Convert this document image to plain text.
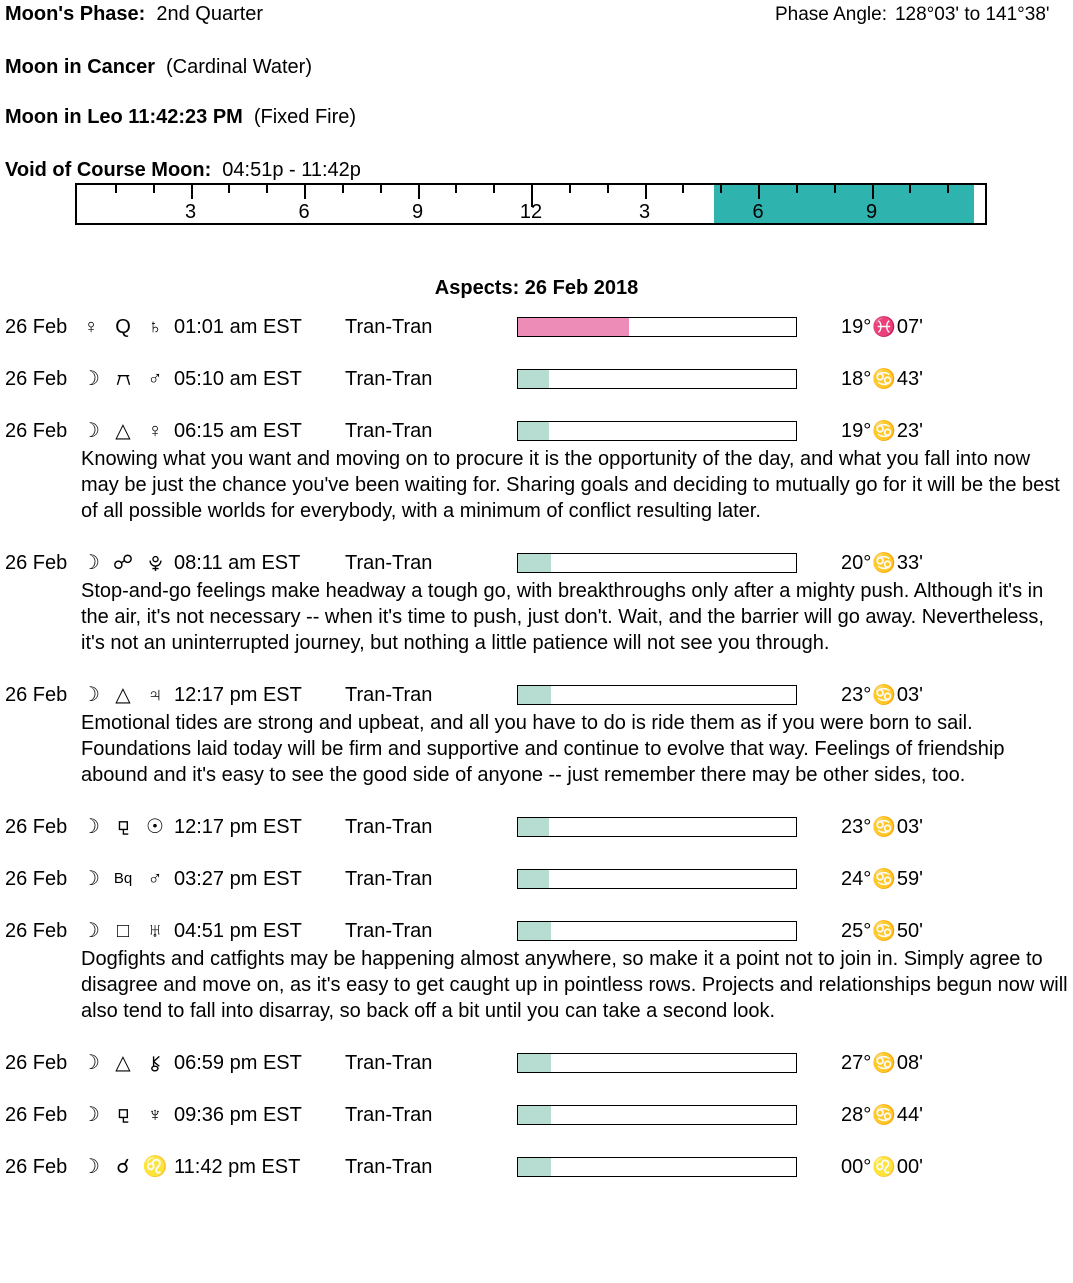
Moon's Phase: 2nd Quarter	Phase Angle: 128°03' to 141°38'
Moon in Cancer (Cardinal Water)
Moon in Leo 11:42:23 PM (Fixed Fire)
Void of Course Moon: 04:51p - 11:42p
3	6	9	12	3	6	9
Aspects: 26 Feb 2018
26 Feb ♀ Q ♄ 01:01 am EST Tran-Tran	19°♓07'
26 Feb ☽ ♂ 05:10 am EST Tran-Tran	18°♋43'
26 Feb ☽ △ ♀ 06:15 am EST Tran-Tran	19°♋23'
Knowing what you want and moving on to procure it is the opportunity of the day, and what you fall into now may be just the chance you've been waiting for. Sharing goals and deciding to mutually go for it will be the best of all possible worlds for everybody, with a minimum of conflict resulting later.
26 Feb ☽ ☍ 08:11 am EST Tran-Tran	20°♋33'
Stop-and-go feelings make headway a tough go, with breakthroughs only after a mighty push. Although it's in the air, it's not necessary -- when it's time to push, just don't. Wait, and the barrier will go away. Nevertheless, it's not an uninterrupted journey, but nothing a little patience will not see you through.
26 Feb ☽ △ ♃ 12:17 pm EST Tran-Tran	23°♋03'
Emotional tides are strong and upbeat, and all you have to do is ride them as if you were born to sail. Foundations laid today will be firm and supportive and continue to evolve that way. Feelings of friendship abound and it's easy to see the good side of anyone -- just remember there may be other sides, too.
26 Feb ☽ ☉ 12:17 pm EST Tran-Tran	23°♋03'
26 Feb ☽ Bq ♂ 03:27 pm EST Tran-Tran	24°♋59'
26 Feb ☽ □ ♅ 04:51 pm EST Tran-Tran	25°♋50'
Dogfights and catfights may be happening almost anywhere, so make it a point not to join in. Simply agree to disagree and move on, as it's easy to get caught up in pointless rows. Projects and relationships begun now will also tend to fall into disarray, so back off a bit until you can take a second look.
26 Feb ☽ △ 06:59 pm EST Tran-Tran	27°♋08'
26 Feb ☽ ♆ 09:36 pm EST Tran-Tran	28°♋44'
26 Feb ☽ ☌ ♌ 11:42 pm EST Tran-Tran	00°♌00'
